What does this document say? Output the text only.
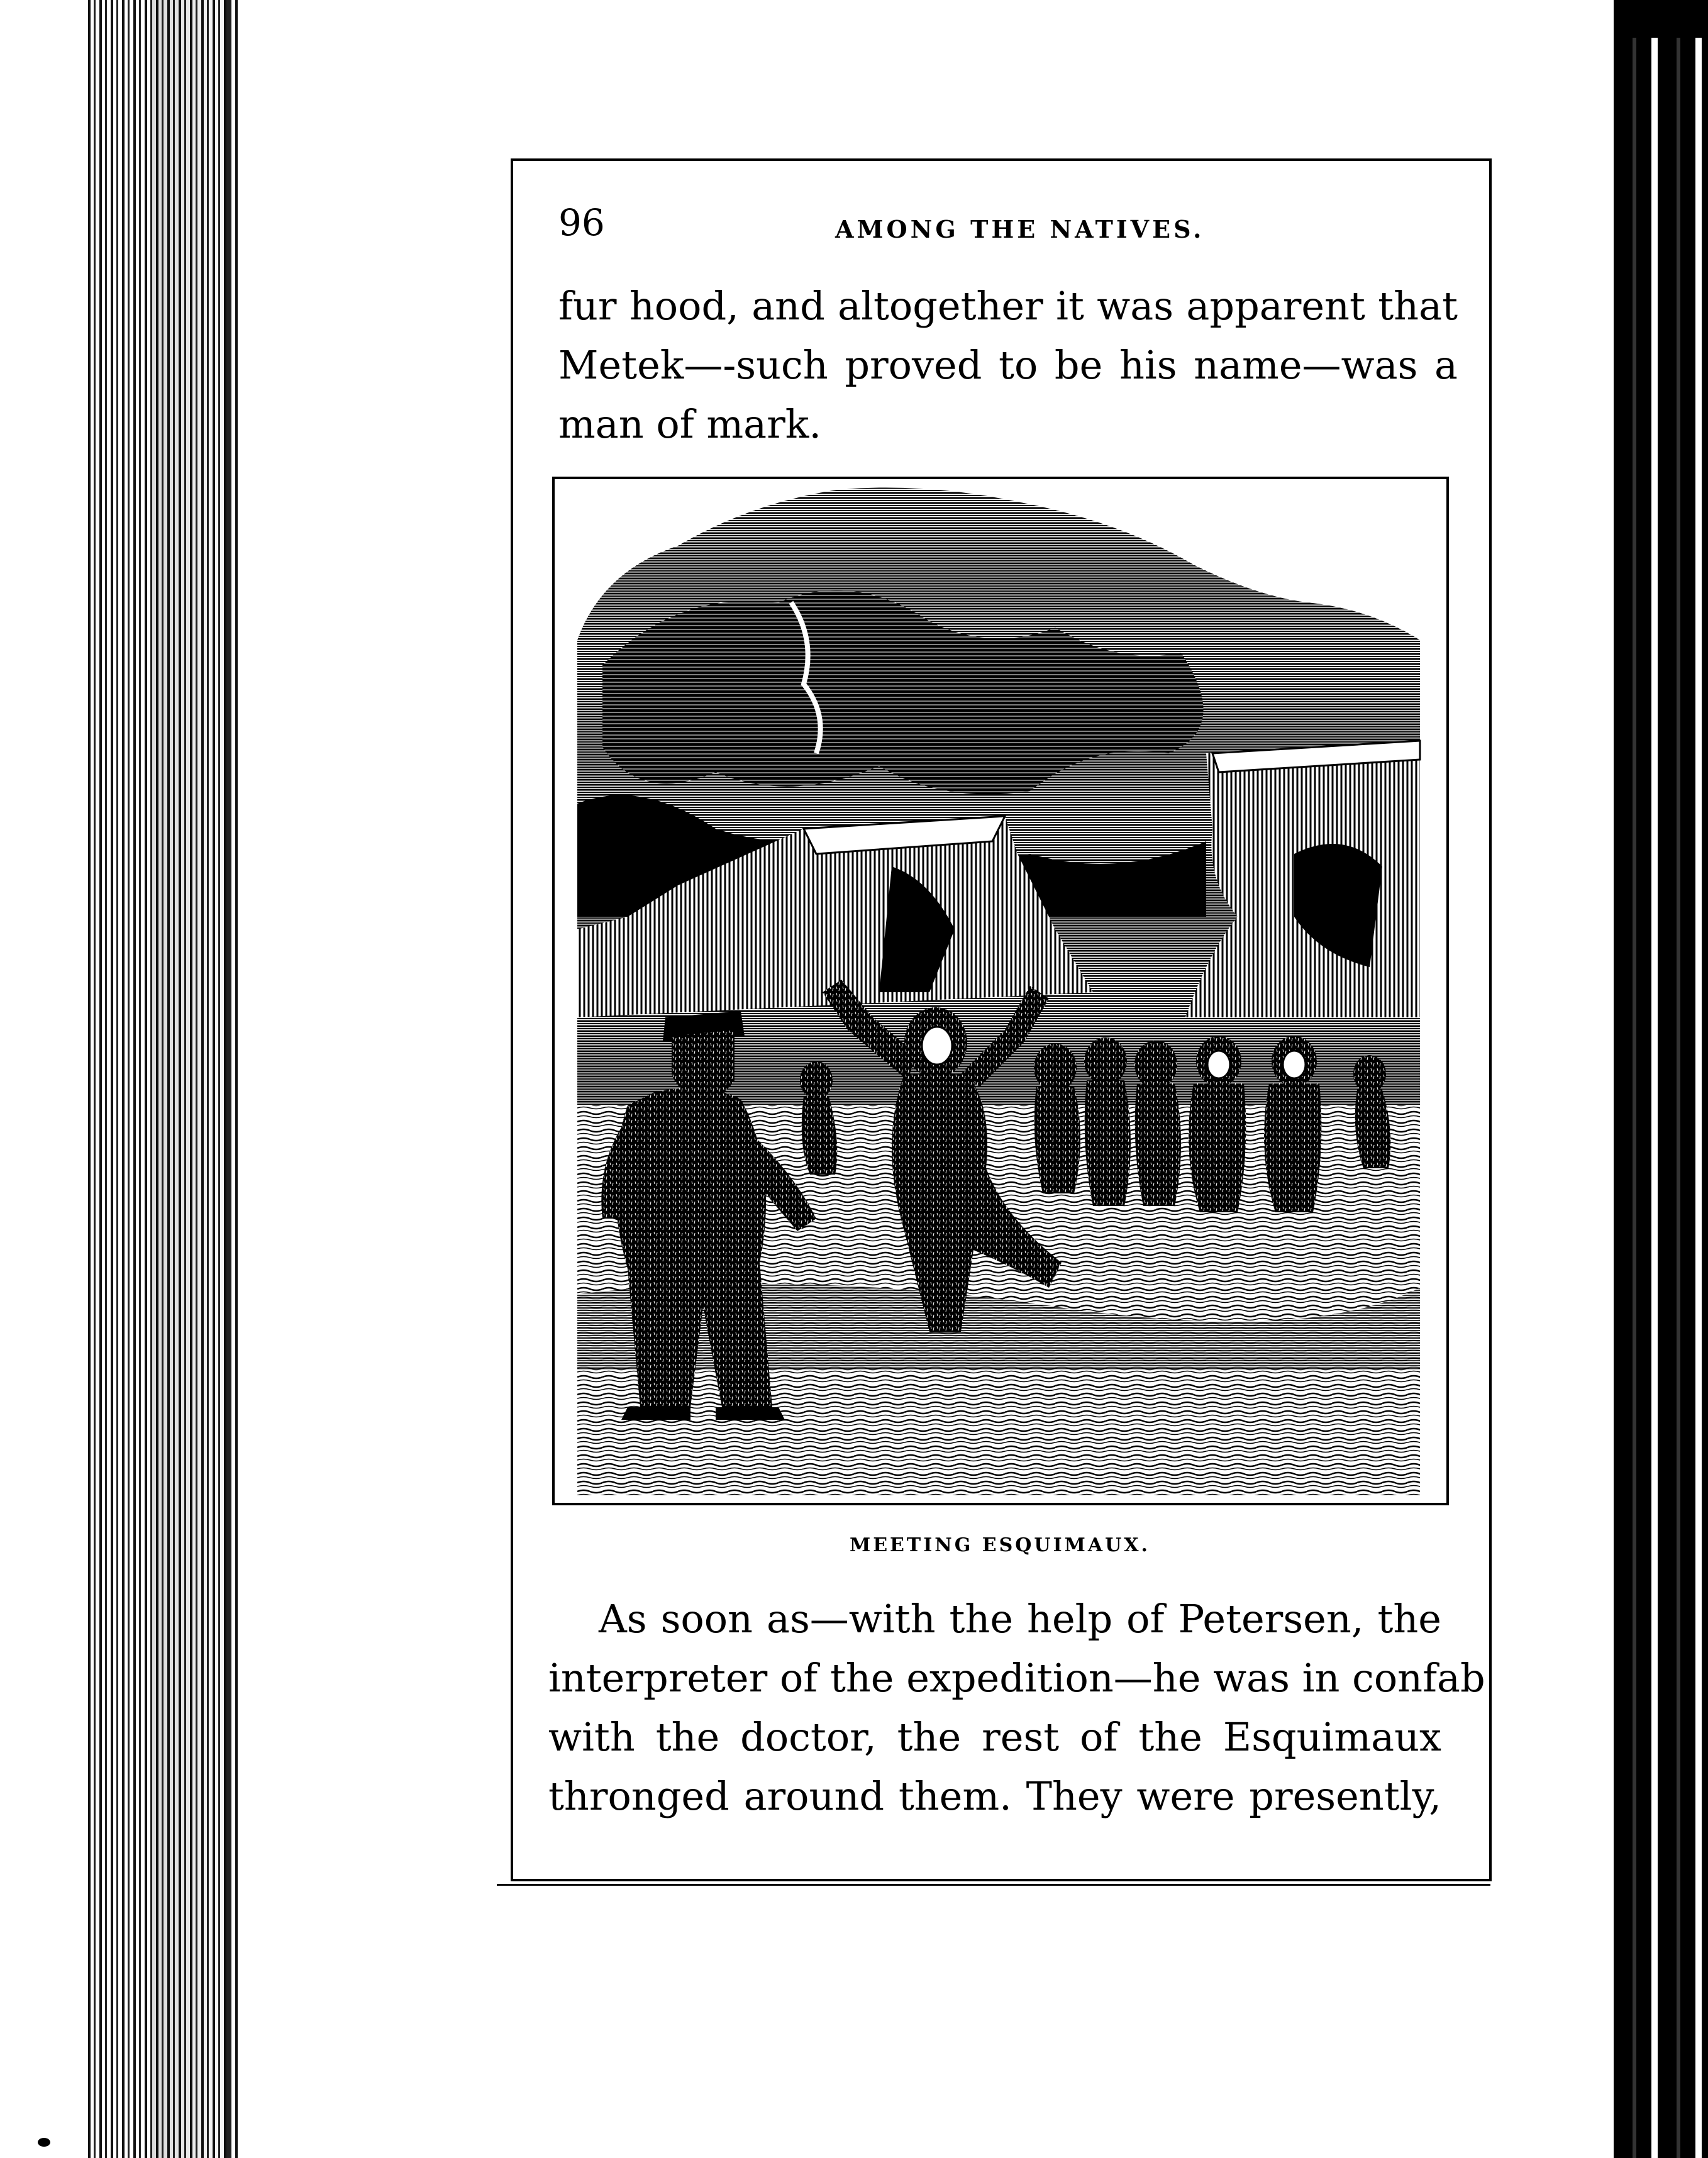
96	AMONG THE NATIVES.

fur hood, and altogether it was apparent that
Metek—-such proved to be his name—was a
man of mark.

MEETING ESQUIMAUX.

As soon as—with the help of Petersen, the
interpreter of the expedition—he was in confab
with the doctor, the rest of the Esquimaux
thronged around them. They were presently,
